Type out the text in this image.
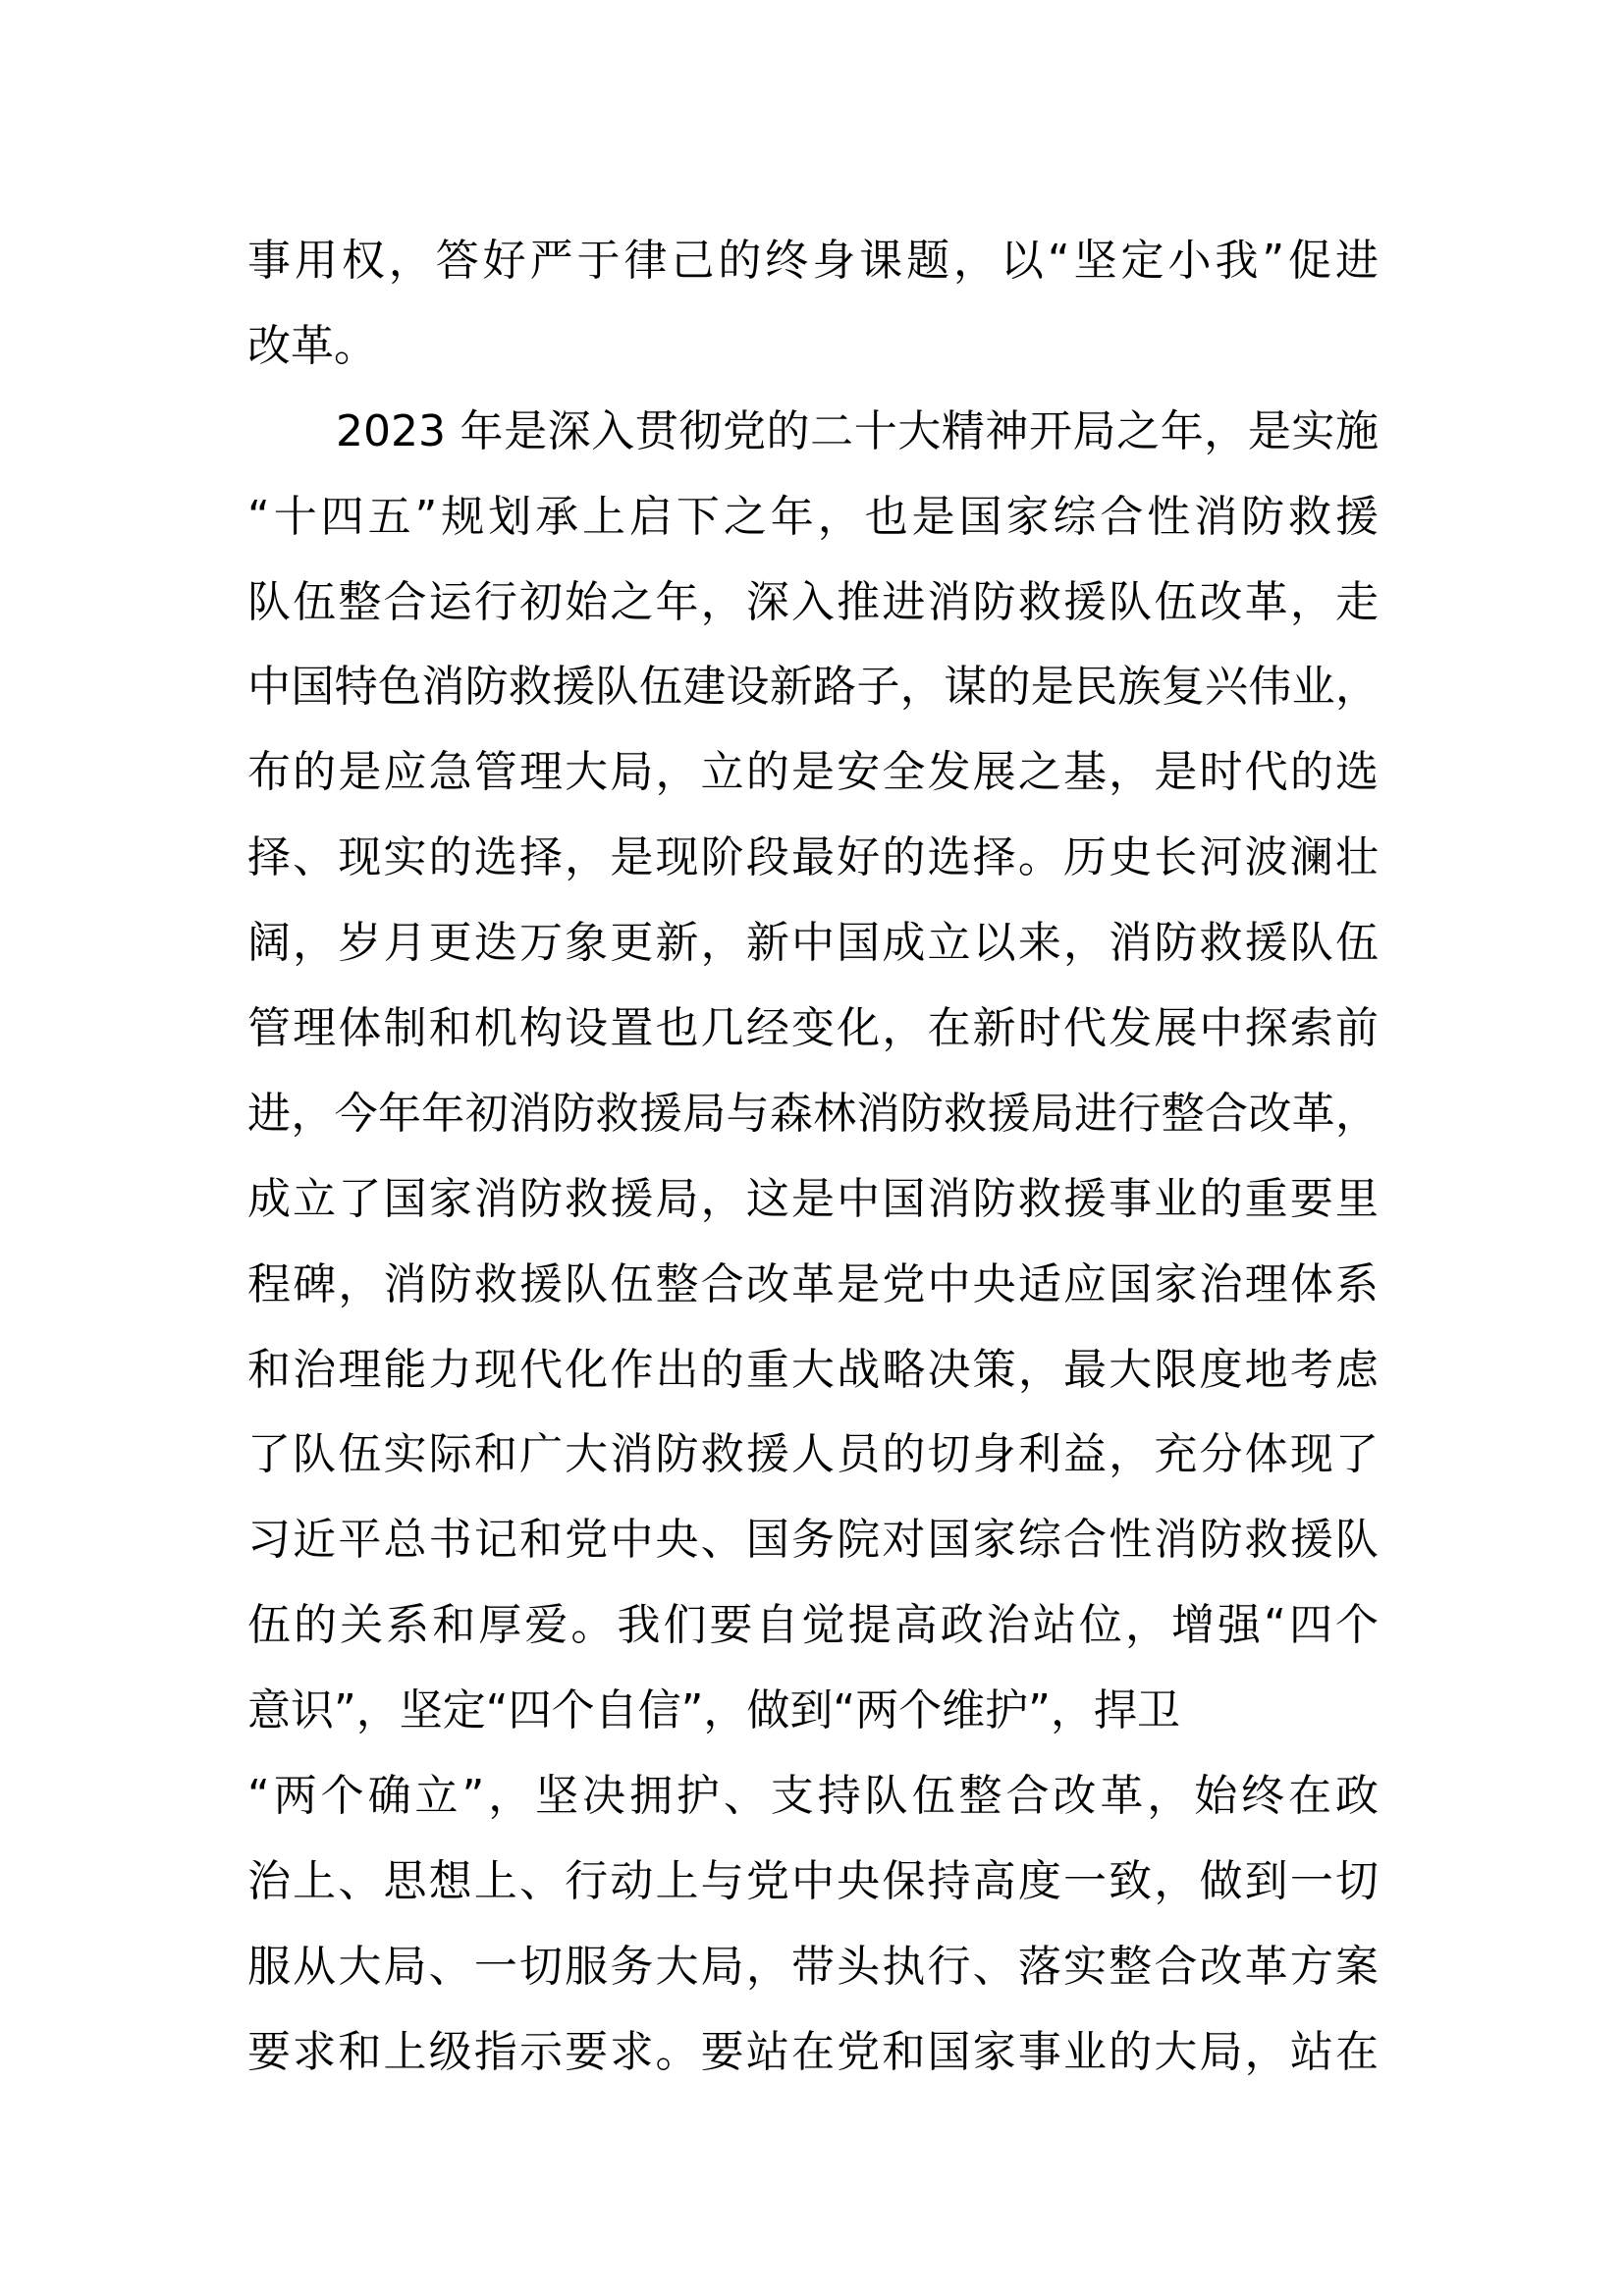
事用权，答好严于律己的终身课题，以“坚定小我”促进
改革。
2023 年是深入贯彻党的二十大精神开局之年，是实施
“十四五”规划承上启下之年，也是国家综合性消防救援
队伍整合运行初始之年，深入推进消防救援队伍改革，走
中国特色消防救援队伍建设新路子，谋的是民族复兴伟业，
布的是应急管理大局，立的是安全发展之基，是时代的选
择、现实的选择，是现阶段最好的选择。历史长河波澜壮
阔，岁月更迭万象更新，新中国成立以来，消防救援队伍
管理体制和机构设置也几经变化，在新时代发展中探索前
进，今年年初消防救援局与森林消防救援局进行整合改革，
成立了国家消防救援局，这是中国消防救援事业的重要里
程碑，消防救援队伍整合改革是党中央适应国家治理体系
和治理能力现代化作出的重大战略决策，最大限度地考虑
了队伍实际和广大消防救援人员的切身利益，充分体现了
习近平总书记和党中央、国务院对国家综合性消防救援队
伍的关系和厚爱。我们要自觉提高政治站位，增强“四个
意识”，坚定“四个自信”，做到“两个维护”，捍卫
“两个确立”，坚决拥护、支持队伍整合改革，始终在政
治上、思想上、行动上与党中央保持高度一致，做到一切
服从大局、一切服务大局，带头执行、落实整合改革方案
要求和上级指示要求。要站在党和国家事业的大局，站在
